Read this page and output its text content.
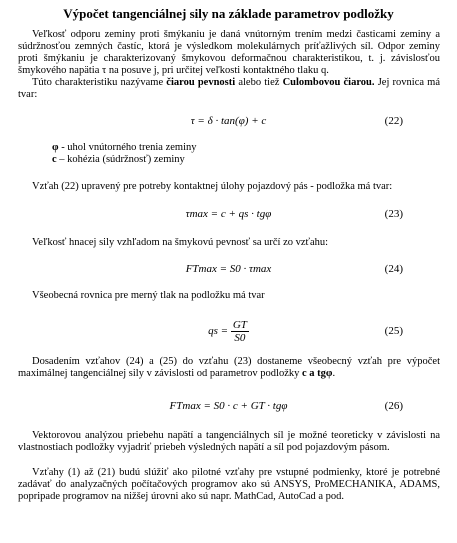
Výpočet tangenciálnej sily na základe parametrov podložky

Veľkosť odporu zeminy proti šmýkaniu je daná vnútorným trením medzi časticami zeminy a súdržnosťou zemných častíc, ktorá je výsledkom molekulárnych príťažlivých síl. Odpor zeminy proti šmýkaniu je charakterizovaný šmykovou deformačnou charakteristikou, t. j. závislosťou šmykového napätia τ na posuve j, pri určitej veľkosti kontaktného tlaku q.

Túto charakteristiku nazývame čiarou pevnosti alebo tiež Culombovou čiarou. Jej rovnica má tvar:

τ = δ · tan(φ) + c	(22)
φ - uhol vnútorného trenia zeminy
c – kohézia (súdržnosť) zeminy

Vzťah (22) upravený pre potreby kontaktnej úlohy pojazdový pás - podložka má tvar:

τmax = c + qs · tgφ	(23)

Veľkosť hnacej sily vzhľadom na šmykovú pevnosť sa určí zo vzťahu:

FTmax = S0 · τmax	(24)

Všeobecná rovnica pre merný tlak na podložku má tvar

qs = $\frac{GT}{S0}$	(25)

Dosadením vzťahov (24) a (25) do vzťahu (23) dostaneme všeobecný vzťah pre výpočet maximálnej tangenciálnej sily v závislosti od parametrov podložky c a tgφ.

FTmax = S0 · c + GT · tgφ	(26)

Vektorovou analýzou priebehu napätí a tangenciálnych síl je možné teoreticky v závislosti na vlastnostiach podložky vyjadriť priebeh výsledných napätí a síl pod pojazdovým pásom.

Vzťahy (1) až (21) budú slúžiť ako pilotné vzťahy pre vstupné podmienky, ktoré je potrebné zadávať do analyzačných počítačových programov ako sú ANSYS, ProMECHANIKA, ADAMS, popripade programov na nižšej úrovni ako sú napr. MathCad, AutoCad a pod.
